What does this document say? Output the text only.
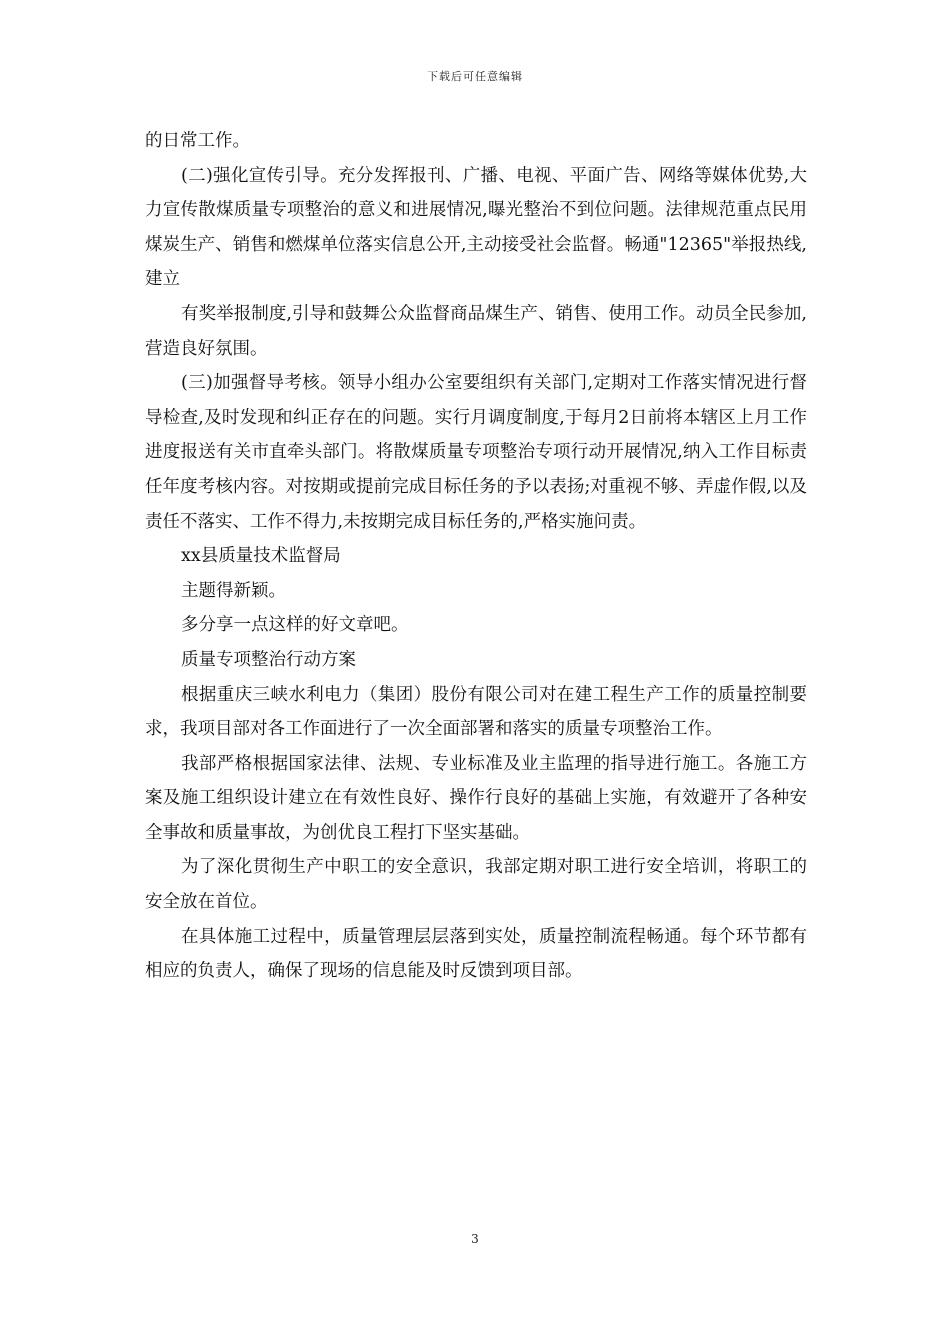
下载后可任意编辑

的日常工作。

(二)强化宣传引导。充分发挥报刊、广播、电视、平面广告、网络等媒体优势,大力宣传散煤质量专项整治的意义和进展情况,曝光整治不到位问题。法律规范重点民用煤炭生产、销售和燃煤单位落实信息公开,主动接受社会监督。畅通"12365"举报热线,建立

有奖举报制度,引导和鼓舞公众监督商品煤生产、销售、使用工作。动员全民参加,营造良好氛围。

(三)加强督导考核。领导小组办公室要组织有关部门,定期对工作落实情况进行督导检查,及时发现和纠正存在的问题。实行月调度制度,于每月2日前将本辖区上月工作进度报送有关市直牵头部门。将散煤质量专项整治专项行动开展情况,纳入工作目标责任年度考核内容。对按期或提前完成目标任务的予以表扬;对重视不够、弄虚作假,以及责任不落实、工作不得力,未按期完成目标任务的,严格实施问责。

xx县质量技术监督局

主题得新颖。

多分享一点这样的好文章吧。

质量专项整治行动方案

根据重庆三峡水利电力（集团）股份有限公司对在建工程生产工作的质量控制要求，我项目部对各工作面进行了一次全面部署和落实的质量专项整治工作。

我部严格根据国家法律、法规、专业标准及业主监理的指导进行施工。各施工方案及施工组织设计建立在有效性良好、操作行良好的基础上实施，有效避开了各种安全事故和质量事故，为创优良工程打下坚实基础。

为了深化贯彻生产中职工的安全意识，我部定期对职工进行安全培训，将职工的安全放在首位。

在具体施工过程中，质量管理层层落到实处，质量控制流程畅通。每个环节都有相应的负责人，确保了现场的信息能及时反馈到项目部。

3
